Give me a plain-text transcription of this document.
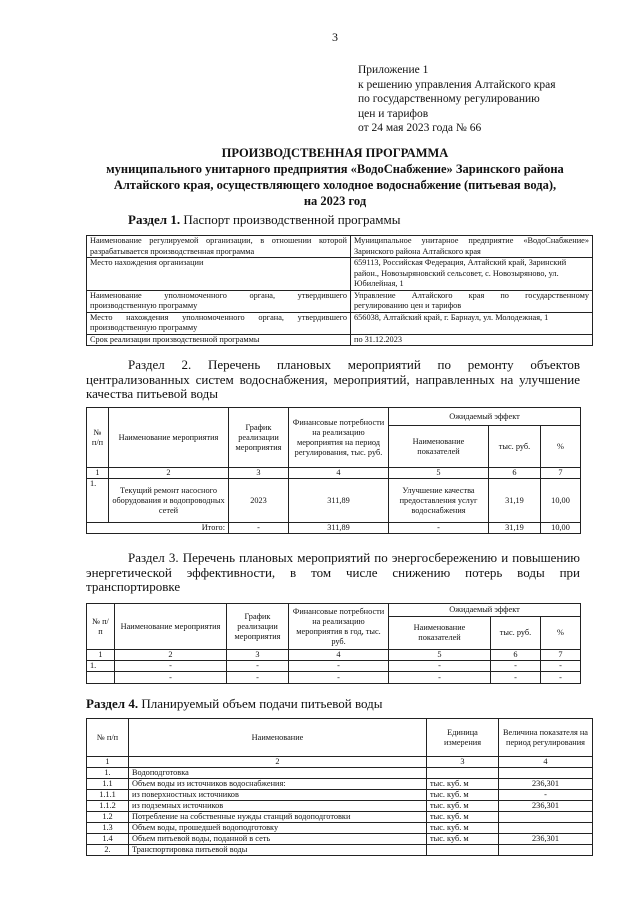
3
Приложение 1
к решению управления Алтайского края
по государственному регулированию
цен и тарифов
от 24 мая 2023 года № 66
ПРОИЗВОДСТВЕННАЯ ПРОГРАММА
муниципального унитарного предприятия «ВодоСнабжение» Заринского района
Алтайского края, осуществляющего холодное водоснабжение (питьевая вода),
на 2023 год
Раздел 1. Паспорт производственной программы
Наименование регулируемой организации, в отношении которой разрабатывается производственная программа	Муниципальное унитарное предприятие «ВодоСнабжение» Заринского района Алтайского края
Место нахождения организации	659113, Российская Федерация, Алтайский край, Заринский район., Новозыряновский сельсовет, с. Новозыряново, ул. Юбилейная, 1
Наименование уполномоченного органа, утвердившего производственную программу	Управление Алтайского края по государственному регулированию цен и тарифов
Место нахождения уполномоченного органа, утвердившего производственную программу	656038, Алтайский край, г. Барнаул, ул. Молодежная, 1
Срок реализации производственной программы	по 31.12.2023
Раздел 2. Перечень плановых мероприятий по ремонту объектов централизованных систем водоснабжения, мероприятий, направленных на улучшение качества питьевой воды
№ п/п	Наименование мероприятия	График реализации мероприятия	Финансовые потребности на реализацию мероприятия на период регулирования, тыс. руб.	Ожидаемый эффект		
				Наименование показателей	тыс. руб.	%
1	2	3	4	5	6	7
1.	Текущий ремонт насосного оборудования и водопроводных сетей	2023	311,89	Улучшение качества предоставления услуг водоснабжения	31,19	10,00
Итого:		-	311,89	-	31,19	10,00
Раздел 3. Перечень плановых мероприятий по энергосбережению и повышению энергетической эффективности, в том числе снижению потерь воды при транспортировке
№ п/п	Наименование мероприятия	График реализации мероприятия	Финансовые потребности на реализацию мероприятия в год, тыс. руб.	Ожидаемый эффект		
				Наименование показателей	тыс. руб.	%
1	2	3	4	5	6	7
1.	-	-	-	-	-	-
	-	-	-	-	-	-
Раздел 4. Планируемый объем подачи питьевой воды
№ п/п	Наименование	Единица измерения	Величина показателя на период регулирования
1	2	3	4
1.	Водоподготовка		
1.1	Объем воды из источников водоснабжения:	тыс. куб. м	236,301
1.1.1	из поверхностных источников	тыс. куб. м	-
1.1.2	из подземных источников	тыс. куб. м	236,301
1.2	Потребление на собственные нужды станций водоподготовки	тыс. куб. м	
1.3	Объем воды, прошедшей водоподготовку	тыс. куб. м	
1.4	Объем питьевой воды, поданной в сеть	тыс. куб. м	236,301
2.	Транспортировка питьевой воды		
